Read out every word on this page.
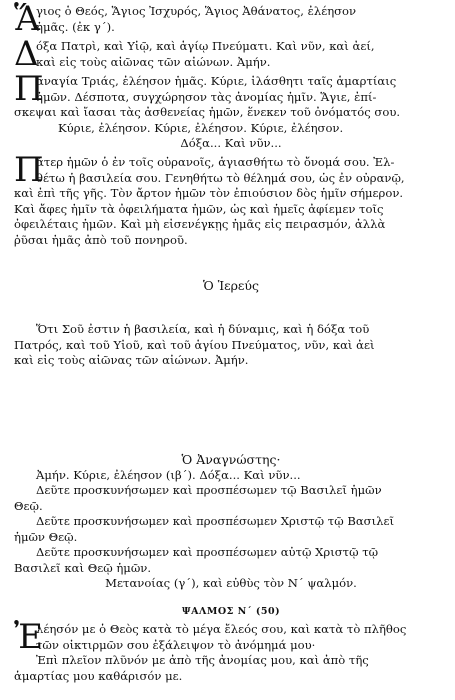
Ἅ
γιος ὁ Θεός, Ἅγιος Ἰσχυρός, Ἅγιος Ἀθάνατος, ἐλέησον
ἡμᾶς. (ἐκ γ΄).
Δ
όξα Πατρὶ, καὶ Υἱῷ, καὶ ἁγίῳ Πνεύματι. Καὶ νῦν, καὶ ἀεί,
καὶ εἰς τοὺς αἰῶνας τῶν αἰώνων. Ἀμήν.
Π
αναγία Τριάς, ἐλέησον ἡμᾶς. Κύριε, ἱλάσθητι ταῖς ἁμαρτίαις
ἡμῶν. Δέσποτα, συγχώρησον τὰς ἀνομίας ἡμῖν. Ἅγιε, ἐπί-
σκεψαι καὶ ἴασαι τὰς ἀσθενείας ἡμῶν, ἕνεκεν τοῦ ὀνόματός σου.
Κύριε, ἐλέησον. Κύριε, ἐλέησον. Κύριε, ἐλέησον.
Δόξα... Καὶ νῦν...
Π
άτερ ἡμῶν ὁ ἐν τοῖς οὐρανοῖς, ἁγιασθήτω τὸ ὄνομά σου. Ἐλ-
θέτω ἡ βασιλεία σου. Γενηθήτω τὸ θέλημά σου, ὡς ἐν οὐρανῷ,
καὶ ἐπὶ τῆς γῆς. Τὸν ἄρτον ἡμῶν τὸν ἐπιούσιον δὸς ἡμῖν σήμερον.
Καὶ ἄφες ἡμῖν τὰ ὀφειλήματα ἡμῶν, ὡς καὶ ἡμεῖς ἀφίεμεν τοῖς
ὀφειλέταις ἡμῶν. Καὶ μὴ εἰσενέγκῃς ἡμᾶς εἰς πειρασμόν, ἀλλὰ
ῥῦσαι ἡμᾶς ἀπὸ τοῦ πονηροῦ.
Ὁ Ἱερεύς
Ὅτι Σοῦ ἐστιν ἡ βασιλεία, καὶ ἡ δύναμις, καὶ ἡ δόξα τοῦ
Πατρός, καὶ τοῦ Υἱοῦ, καὶ τοῦ ἁγίου Πνεύματος, νῦν, καὶ ἀεὶ
καὶ εἰς τοὺς αἰῶνας τῶν αἰώνων. Ἀμήν.
Ὁ Ἀναγνώστης·
Ἀμήν. Κύριε, ἐλέησον (ιβ΄). Δόξα... Καὶ νῦν...
Δεῦτε προσκυνήσωμεν καὶ προσπέσωμεν τῷ Βασιλεῖ ἡμῶν
Θεῷ.
Δεῦτε προσκυνήσωμεν καὶ προσπέσωμεν Χριστῷ τῷ Βασιλεῖ
ἡμῶν Θεῷ.
Δεῦτε προσκυνήσωμεν καὶ προσπέσωμεν αὐτῷ Χριστῷ τῷ
Βασιλεῖ καὶ Θεῷ ἡμῶν.
Μετανοίας (γ΄), καὶ εὐθὺς τὸν Ν΄ ψαλμόν.
ΨΑΛΜΟΣ Ν΄ (50)
Ἐ
λέησόν με ὁ Θεὸς κατὰ τὸ μέγα ἔλεός σου, καὶ κατὰ τὸ πλῆθος
τῶν οἰκτιρμῶν σου ἐξάλειψον τὸ ἀνόμημά μου·
Ἐπὶ πλεῖον πλῦνόν με ἀπὸ τῆς ἀνομίας μου, καὶ ἀπὸ τῆς
ἁμαρτίας μου καθάρισόν με.
